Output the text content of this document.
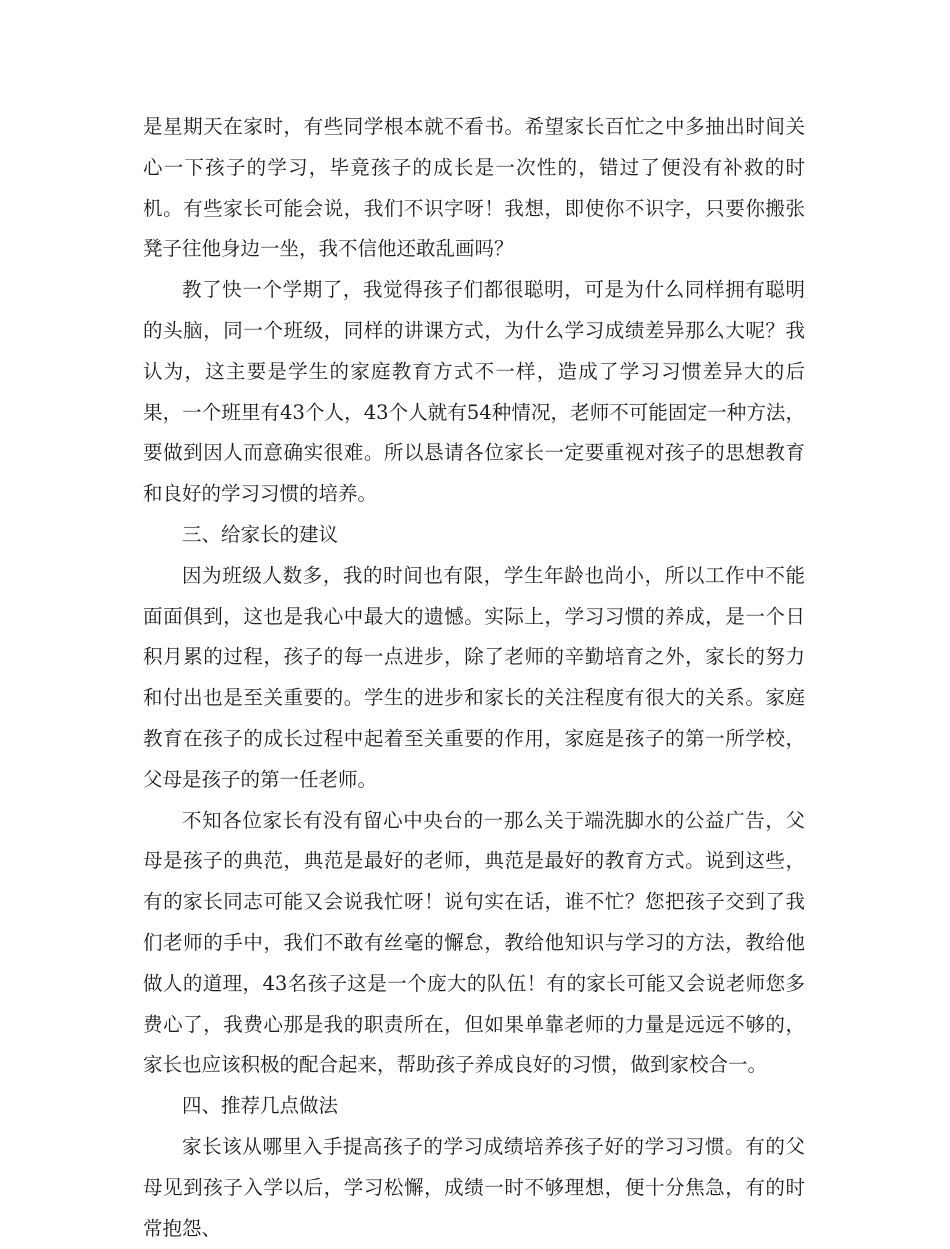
是星期天在家时，有些同学根本就不看书。希望家长百忙之中多抽出时间关心一下孩子的学习，毕竟孩子的成长是一次性的，错过了便没有补救的时机。有些家长可能会说，我们不识字呀！我想，即使你不识字，只要你搬张凳子往他身边一坐，我不信他还敢乱画吗？

教了快一个学期了，我觉得孩子们都很聪明，可是为什么同样拥有聪明的头脑，同一个班级，同样的讲课方式，为什么学习成绩差异那么大呢？我认为，这主要是学生的家庭教育方式不一样，造成了学习习惯差异大的后果，一个班里有43个人，43个人就有54种情况，老师不可能固定一种方法，要做到因人而意确实很难。所以恳请各位家长一定要重视对孩子的思想教育和良好的学习习惯的培养。

三、给家长的建议

因为班级人数多，我的时间也有限，学生年龄也尚小，所以工作中不能面面俱到，这也是我心中最大的遗憾。实际上，学习习惯的养成，是一个日积月累的过程，孩子的每一点进步，除了老师的辛勤培育之外，家长的努力和付出也是至关重要的。学生的进步和家长的关注程度有很大的关系。家庭教育在孩子的成长过程中起着至关重要的作用，家庭是孩子的第一所学校，父母是孩子的第一任老师。

不知各位家长有没有留心中央台的一那么关于端洗脚水的公益广告，父母是孩子的典范，典范是最好的老师，典范是最好的教育方式。说到这些，有的家长同志可能又会说我忙呀！说句实在话，谁不忙？您把孩子交到了我们老师的手中，我们不敢有丝毫的懈怠，教给他知识与学习的方法，教给他做人的道理，43名孩子这是一个庞大的队伍！有的家长可能又会说老师您多费心了，我费心那是我的职责所在，但如果单靠老师的力量是远远不够的，家长也应该积极的配合起来，帮助孩子养成良好的习惯，做到家校合一。

四、推荐几点做法

家长该从哪里入手提高孩子的学习成绩培养孩子好的学习习惯。有的父母见到孩子入学以后，学习松懈，成绩一时不够理想，便十分焦急，有的时常抱怨、
